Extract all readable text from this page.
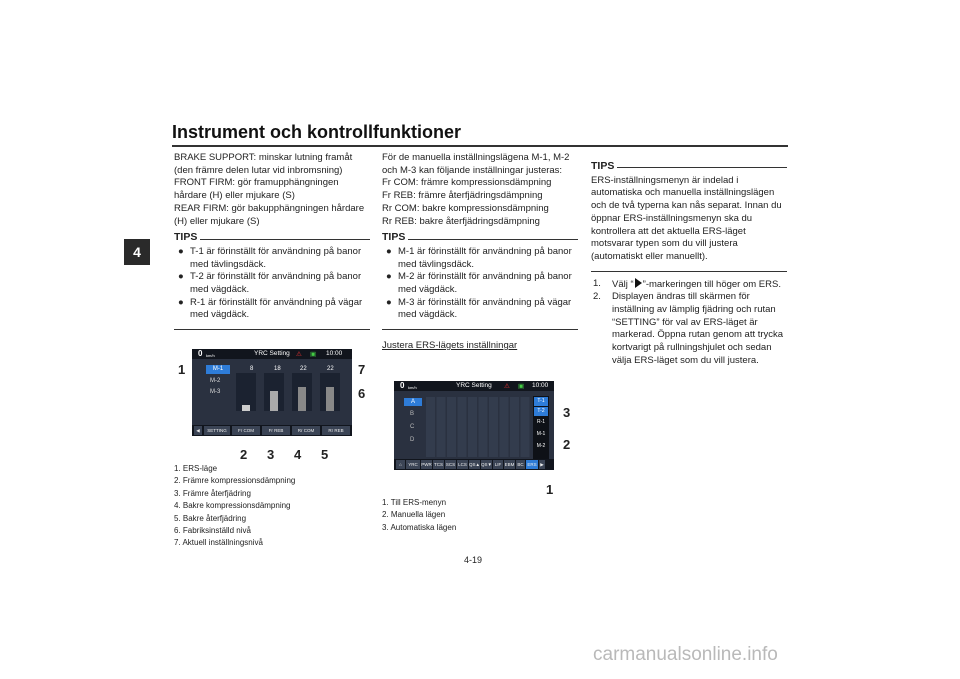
Instrument och kontrollfunktioner
4
BRAKE SUPPORT: minskar lutning framåt (den främre delen lutar vid inbromsning)
FRONT FIRM: gör framupphängningen hårdare (H) eller mjukare (S)
REAR FIRM: gör bakupphängningen hårdare (H) eller mjukare (S)
TIPS
● T-1 är förinställt för användning på banor med tävlingsdäck.
● T-2 är förinställt för användning på banor med vägdäck.
● R-1 är förinställt för användning på vägar med vägdäck.
0 km/h	YRC Setting ⚠ ▣ 10:00
M-1
M-2
M-3
8	18	22	22
◀	SETTING	Fr COM	Fr REB	Rr COM	Rr REB
1
2 3 4 5
6
7
1. ERS-läge
2. Främre kompressionsdämpning
3. Främre återfjädring
4. Bakre kompressionsdämpning
5. Bakre återfjädring
6. Fabriksinställd nivå
7. Aktuell inställningsnivå
För de manuella inställningslägena M-1, M-2 och M-3 kan följande inställningar justeras:
Fr COM: främre kompressionsdämpning
Fr REB: främre återfjädringsdämpning
Rr COM: bakre kompressionsdämpning
Rr REB: bakre återfjädringsdämpning
TIPS
● M-1 är förinställt för användning på banor med tävlingsdäck.
● M-2 är förinställt för användning på banor med vägdäck.
● M-3 är förinställt för användning på vägar med vägdäck.
Justera ERS-lägets inställningar
0 km/h	YRC Setting ⚠ ▣ 10:00
A
B
C
D
T-1
T-2
R-1
M-1
M-2
⌂	YRC PWR TCS SCS LCS QS▲ QS▼ LIF EBM BC ERS ▶
3
2
1
1. Till ERS-menyn
2. Manuella lägen
3. Automatiska lägen
TIPS
ERS-inställningsmenyn är indelad i automatiska och manuella inställningslägen och de två typerna kan nås separat. Innan du öppnar ERS-inställningsmenyn ska du kontrollera att det aktuella ERS-läget motsvarar typen som du vill justera (automatiskt eller manuellt).
1.	Välj “ ”-markeringen till höger om ERS.
2.	Displayen ändras till skärmen för inställning av lämplig fjädring och rutan “SETTING” för val av ERS-läget är markerad. Öppna rutan genom att trycka kortvarigt på rullningshjulet och sedan välja ERS-läget som du vill justera.
4-19
carmanualsonline.info
